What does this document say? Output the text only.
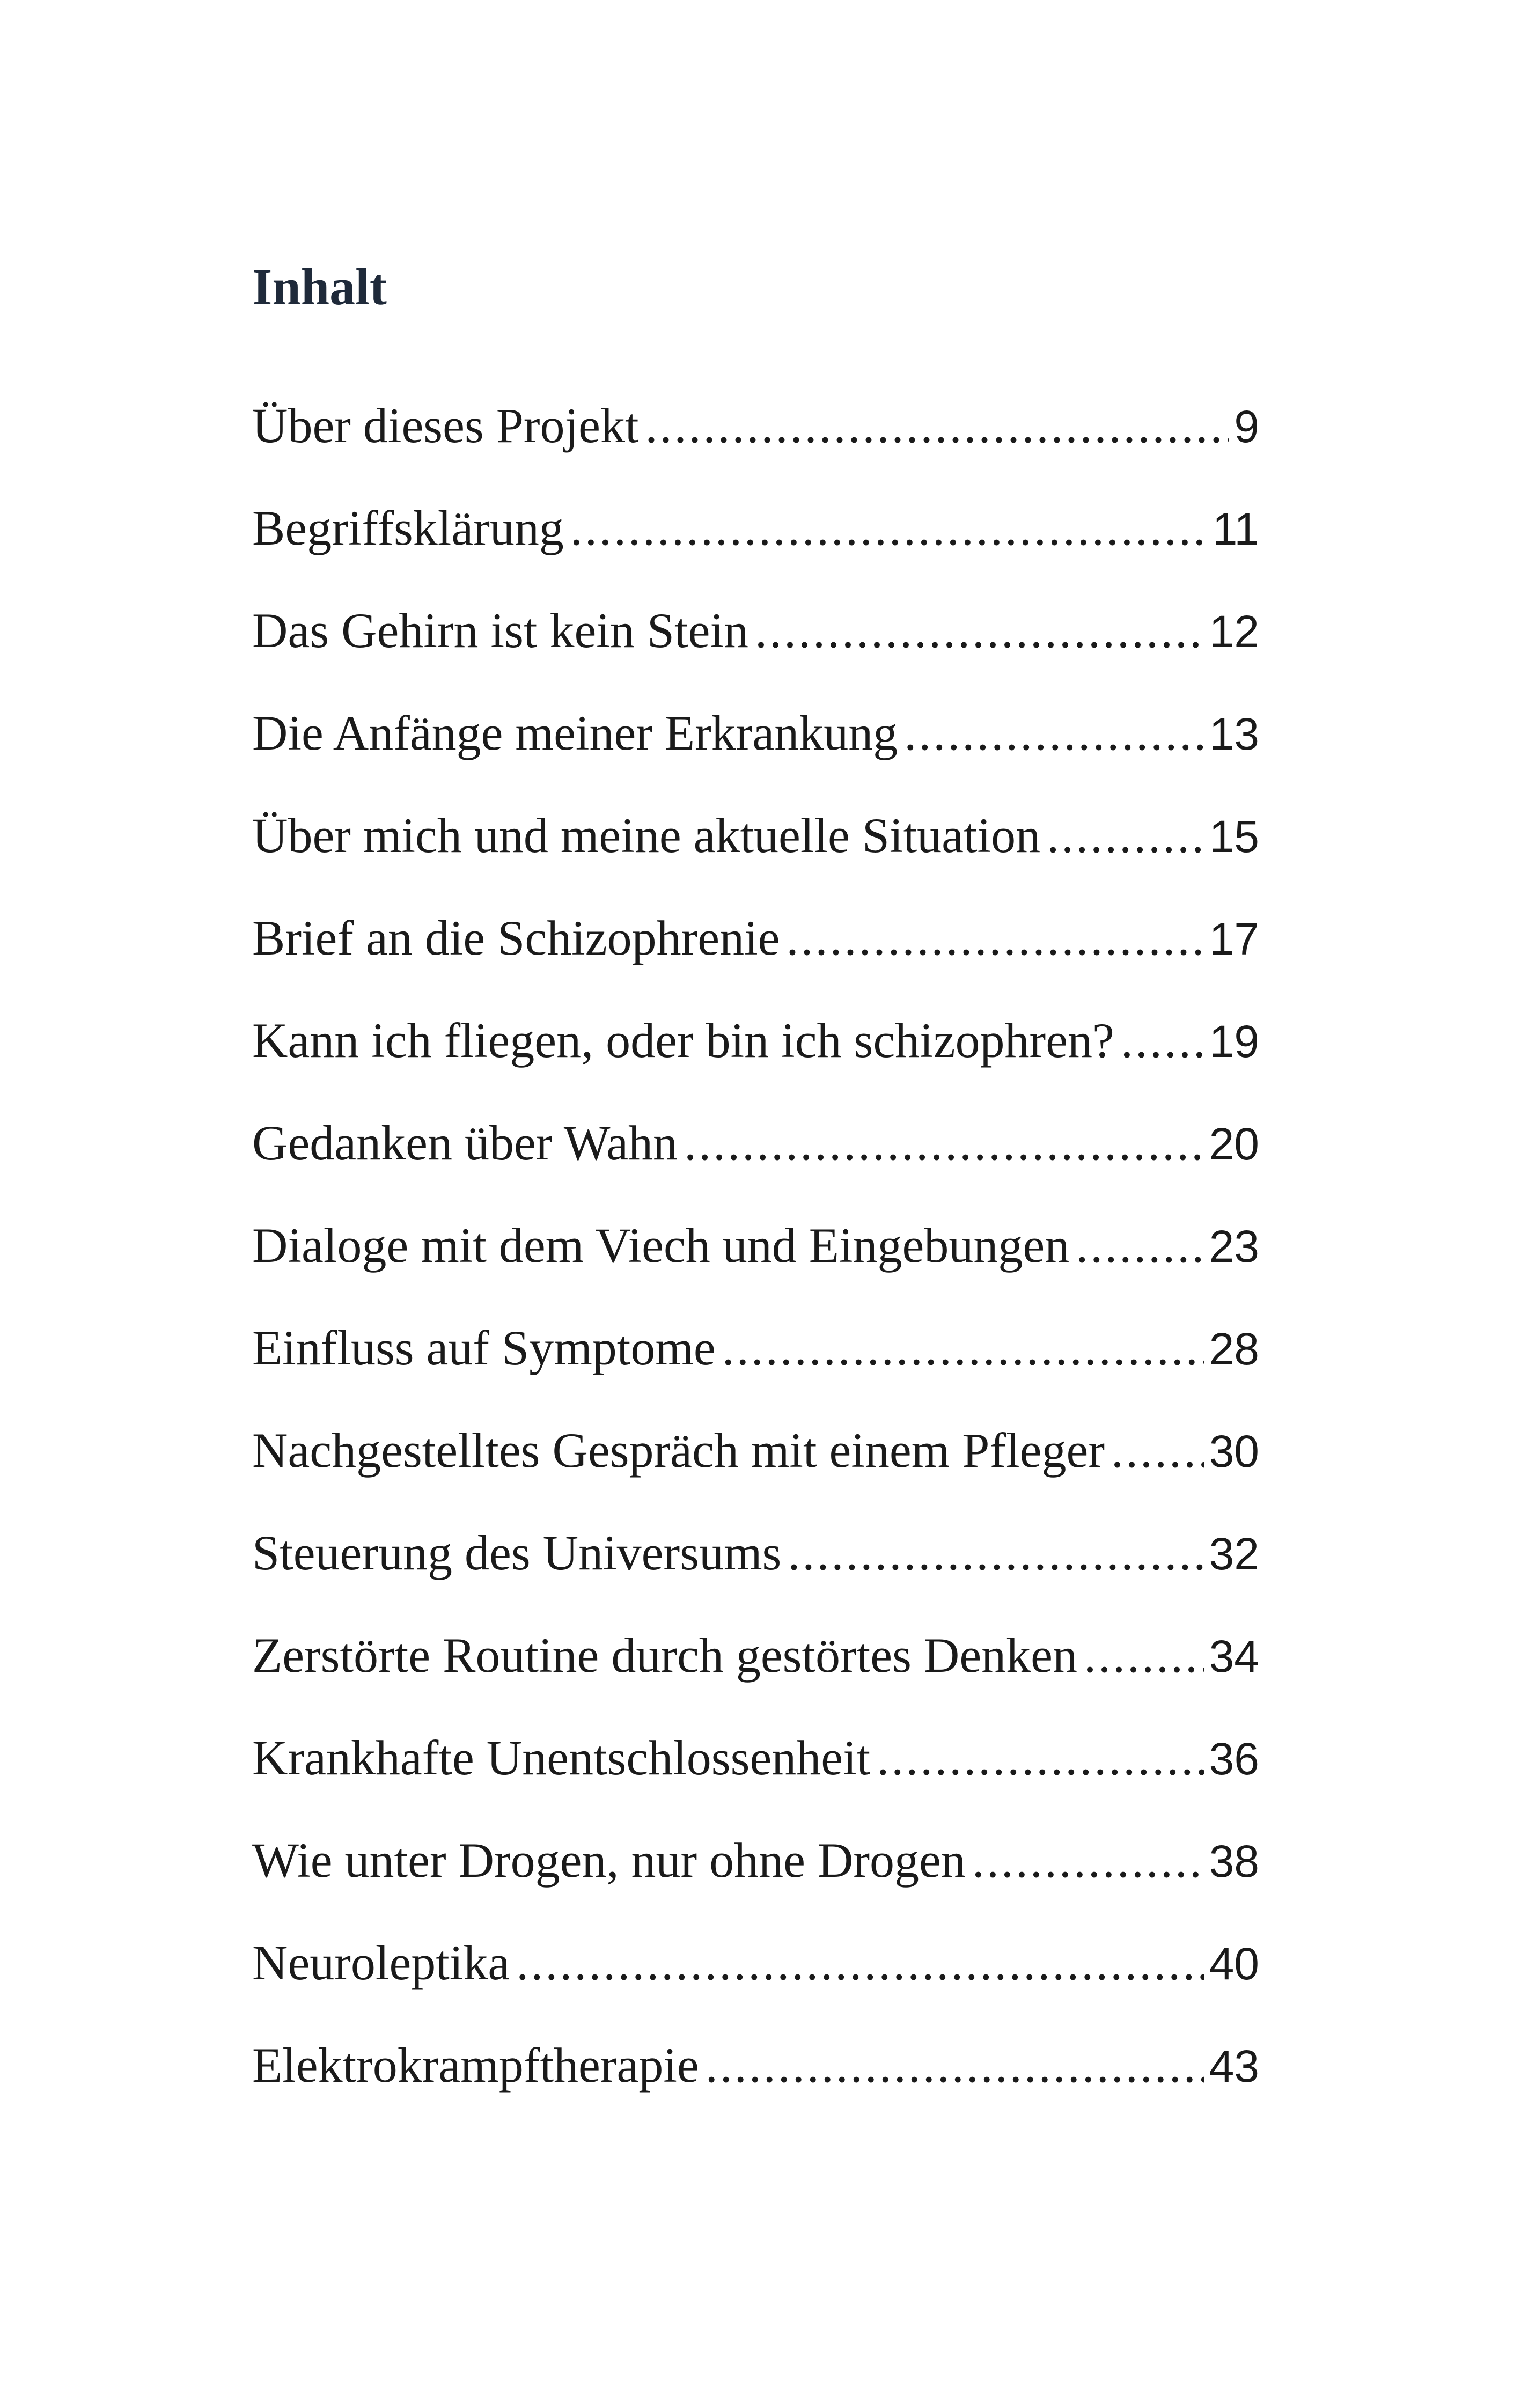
Inhalt
Über dieses Projekt .....	9
Begriffsklärung .....	11
Das Gehirn ist kein Stein .....	12
Die Anfänge meiner Erkrankung .....	13
Über mich und meine aktuelle Situation .....	15
Brief an die Schizophrenie .....	17
Kann ich fliegen, oder bin ich schizophren? ..... 19
Gedanken über Wahn .....	20
Dialoge mit dem Viech und Eingebungen .....	23
Einfluss auf Symptome .....	28
Nachgestelltes Gespräch mit einem Pfleger ..... 30
Steuerung des Universums .....	32
Zerstörte Routine durch gestörtes Denken .....	34
Krankhafte Unentschlossenheit .....	36
Wie unter Drogen, nur ohne Drogen .....	38
Neuroleptika .....	40
Elektrokrampftherapie .....	43
